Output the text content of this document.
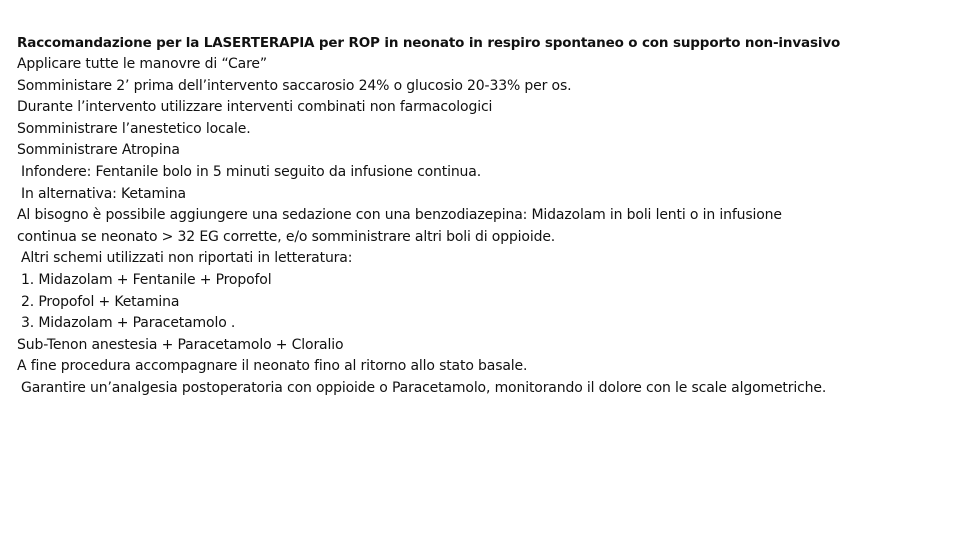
Raccomandazione per la LASERTERAPIA per ROP in neonato in respiro spontaneo o con supporto non-invasivo
Applicare tutte le manovre di “Care”
Somministare 2’ prima dell’intervento saccarosio 24% o glucosio 20-33% per os.
Durante l’intervento utilizzare interventi combinati non farmacologici
Somministrare l’anestetico locale.
Somministrare Atropina
Infondere: Fentanile bolo in 5 minuti seguito da infusione continua.
In alternativa: Ketamina
Al bisogno è possibile aggiungere una sedazione con una benzodiazepina: Midazolam in boli lenti o in infusione
continua se neonato > 32 EG corrette, e/o somministrare altri boli di oppioide.
Altri schemi utilizzati non riportati in letteratura:
1. Midazolam + Fentanile + Propofol
2. Propofol + Ketamina
3. Midazolam + Paracetamolo .
Sub-Tenon anestesia + Paracetamolo + Cloralio
A fine procedura accompagnare il neonato fino al ritorno allo stato basale.
Garantire un’analgesia postoperatoria con oppioide o Paracetamolo, monitorando il dolore con le scale algometriche.
